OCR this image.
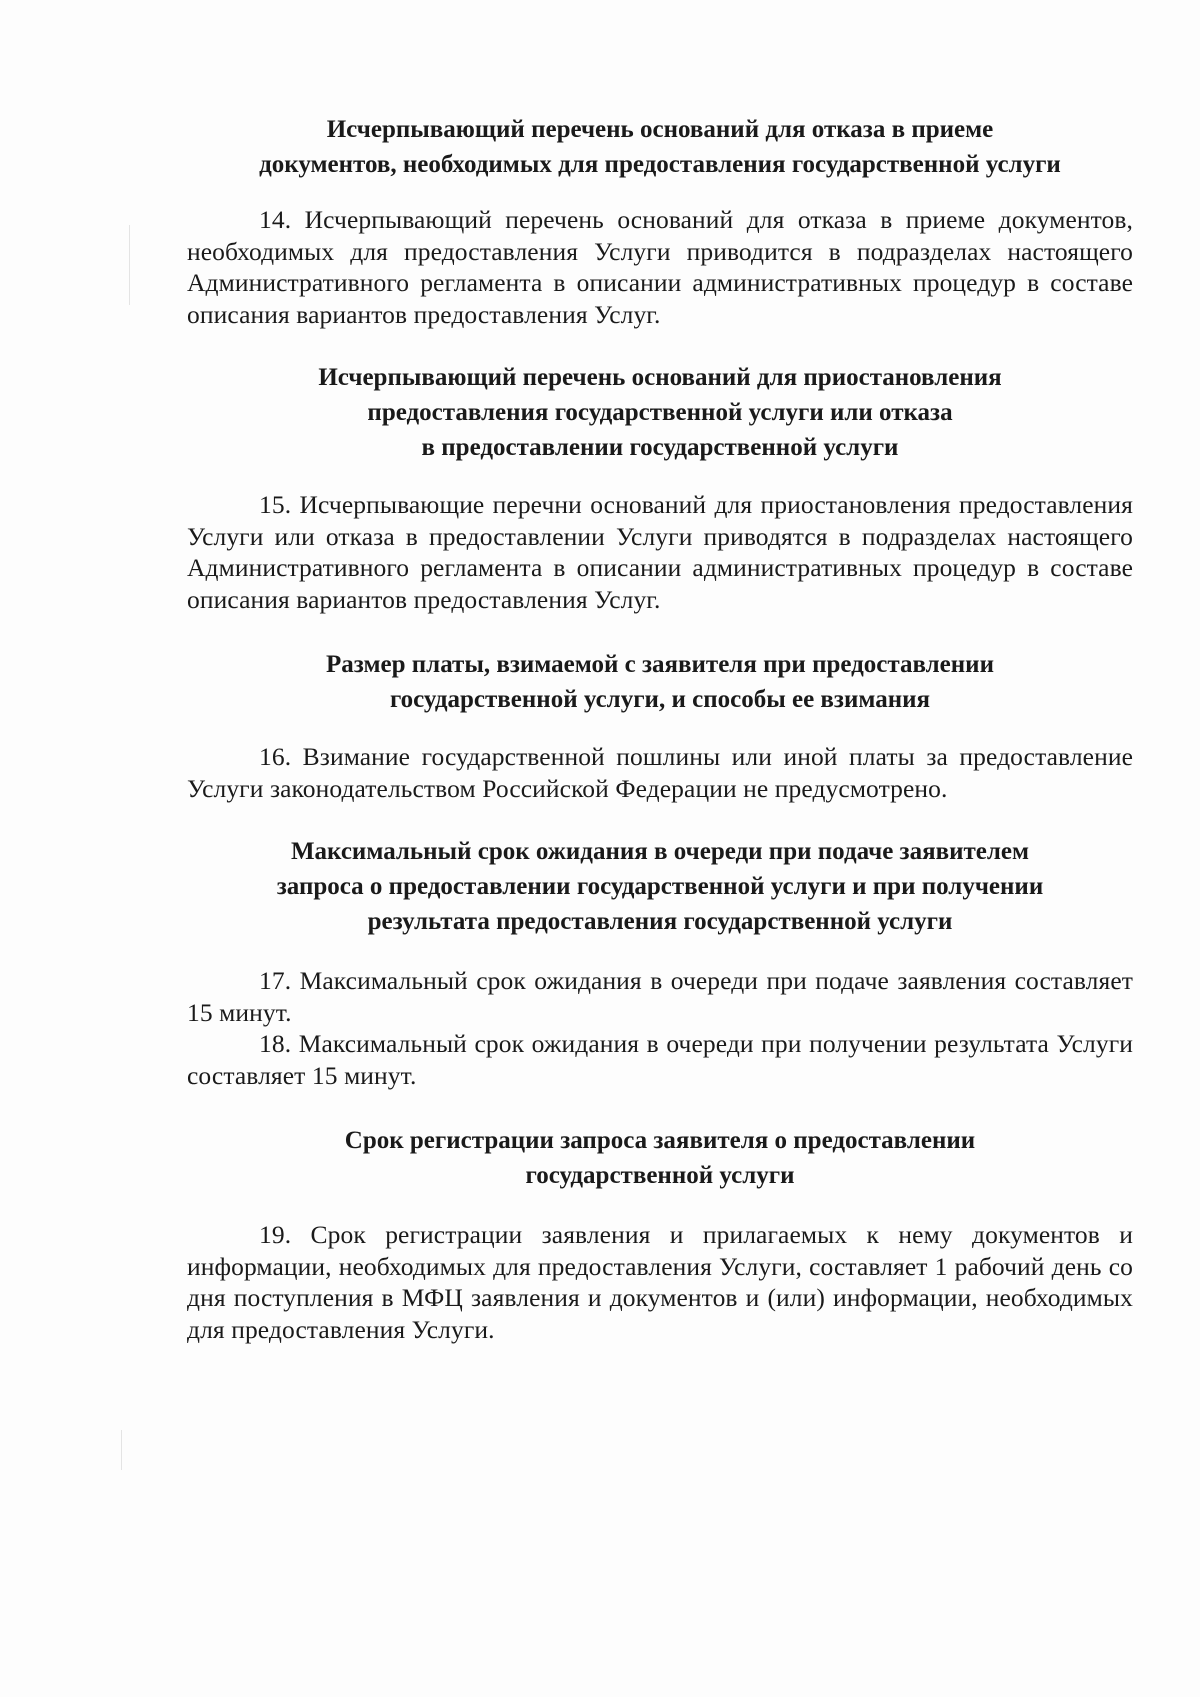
Исчерпывающий перечень оснований для отказа в приеме
документов, необходимых для предоставления государственной услуги

14. Исчерпывающий перечень оснований для отказа в приеме документов, необходимых для предоставления Услуги приводится в подразделах настоящего Административного регламента в описании административных процедур в составе описания вариантов предоставления Услуг.

Исчерпывающий перечень оснований для приостановления
предоставления государственной услуги или отказа
в предоставлении государственной услуги

15. Исчерпывающие перечни оснований для приостановления предоставления Услуги или отказа в предоставлении Услуги приводятся в подразделах настоящего Административного регламента в описании административных процедур в составе описания вариантов предоставления Услуг.

Размер платы, взимаемой с заявителя при предоставлении
государственной услуги, и способы ее взимания

16. Взимание государственной пошлины или иной платы за предоставление Услуги законодательством Российской Федерации не предусмотрено.

Максимальный срок ожидания в очереди при подаче заявителем
запроса о предоставлении государственной услуги и при получении
результата предоставления государственной услуги

17. Максимальный срок ожидания в очереди при подаче заявления составляет 15 минут.

18. Максимальный срок ожидания в очереди при получении результата Услуги составляет 15 минут.

Срок регистрации запроса заявителя о предоставлении
государственной услуги

19. Срок регистрации заявления и прилагаемых к нему документов и информации, необходимых для предоставления Услуги, составляет 1 рабочий день со дня поступления в МФЦ заявления и документов и (или) информации, необходимых для предоставления Услуги.
